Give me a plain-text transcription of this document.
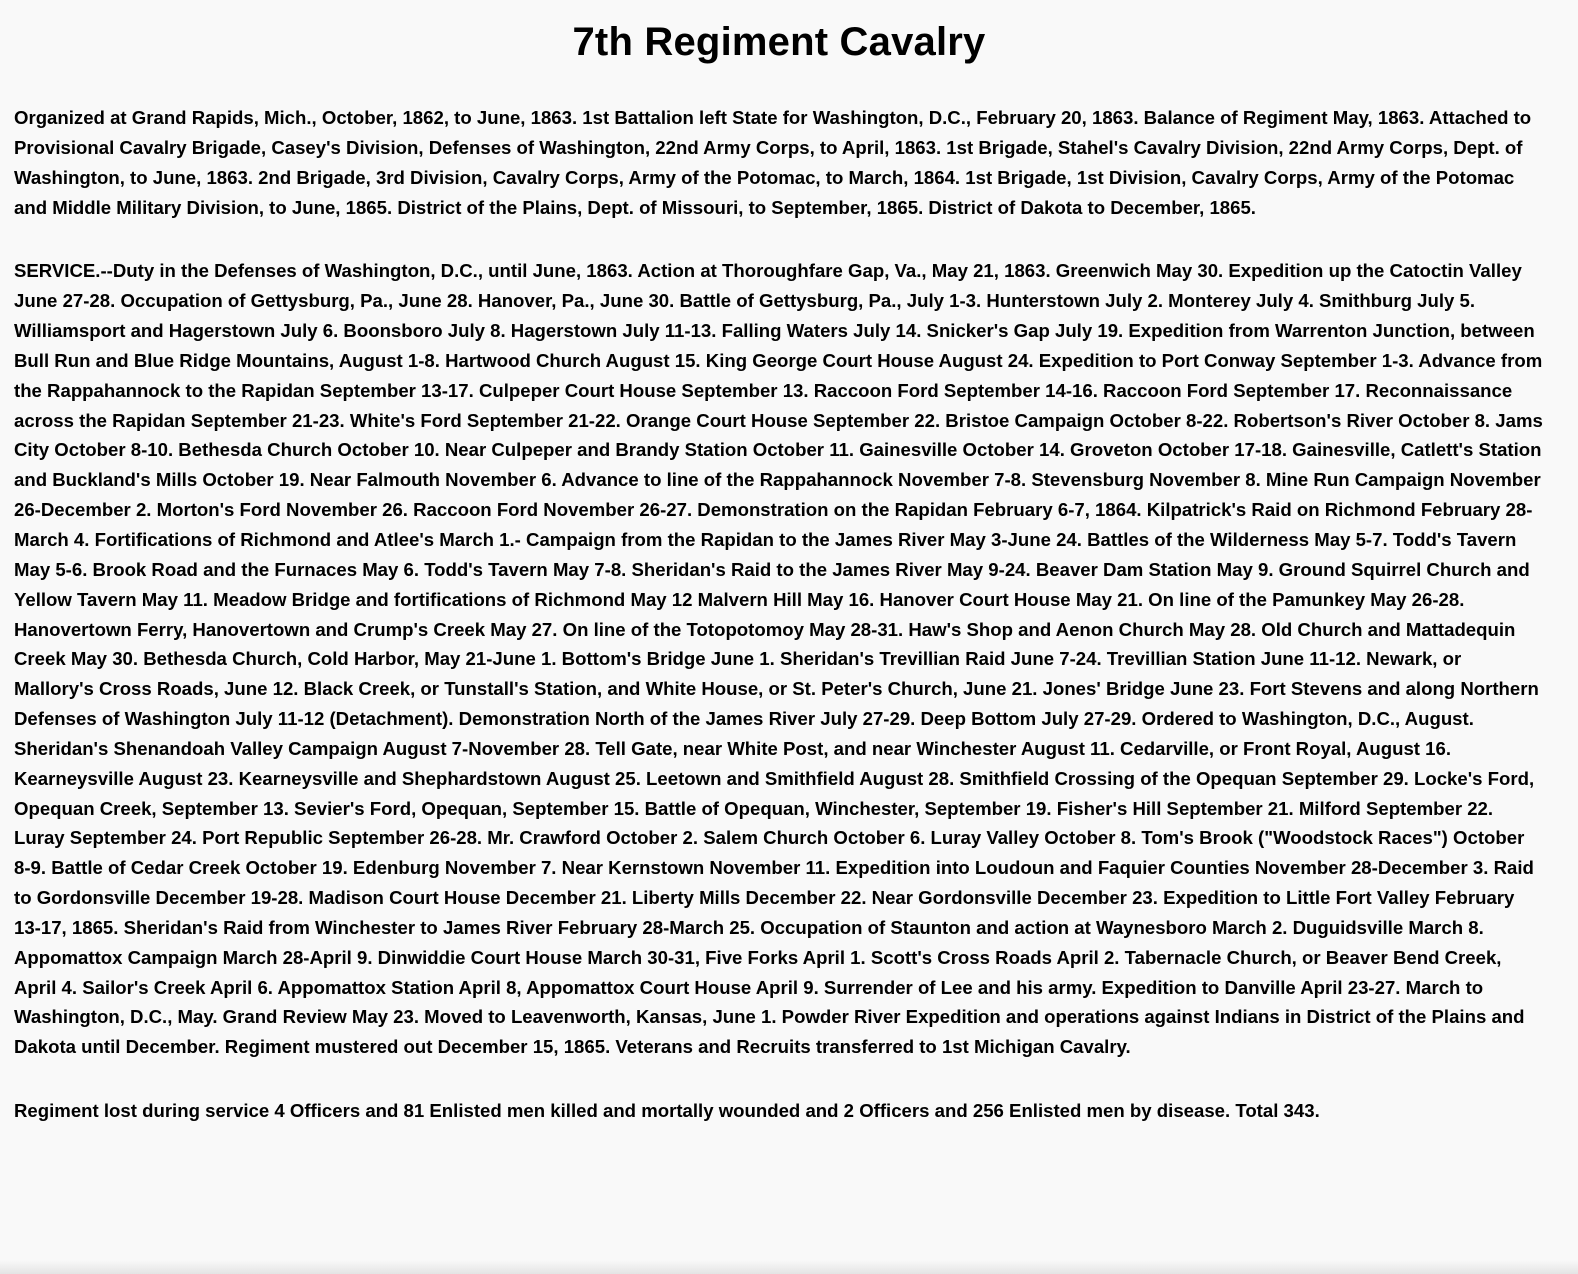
7th Regiment Cavalry

Organized at Grand Rapids, Mich., October, 1862, to June, 1863. 1st Battalion left State for Washington, D.C., February 20, 1863. Balance of Regiment May, 1863. Attached to Provisional Cavalry Brigade, Casey's Division, Defenses of Washington, 22nd Army Corps, to April, 1863. 1st Brigade, Stahel's Cavalry Division, 22nd Army Corps, Dept. of Washington, to June, 1863. 2nd Brigade, 3rd Division, Cavalry Corps, Army of the Potomac, to March, 1864. 1st Brigade, 1st Division, Cavalry Corps, Army of the Potomac and Middle Military Division, to June, 1865. District of the Plains, Dept. of Missouri, to September, 1865. District of Dakota to December, 1865.

SERVICE.--Duty in the Defenses of Washington, D.C., until June, 1863. Action at Thoroughfare Gap, Va., May 21, 1863. Greenwich May 30. Expedition up the Catoctin Valley June 27-28. Occupation of Gettysburg, Pa., June 28. Hanover, Pa., June 30. Battle of Gettysburg, Pa., July 1-3. Hunterstown July 2. Monterey July 4. Smithburg July 5. Williamsport and Hagerstown July 6. Boonsboro July 8. Hagerstown July 11-13. Falling Waters July 14. Snicker's Gap July 19. Expedition from Warrenton Junction, between Bull Run and Blue Ridge Mountains, August 1-8. Hartwood Church August 15. King George Court House August 24. Expedition to Port Conway September 1-3. Advance from the Rappahannock to the Rapidan September 13-17. Culpeper Court House September 13. Raccoon Ford September 14-16. Raccoon Ford September 17. Reconnaissance across the Rapidan September 21-23. White's Ford September 21-22. Orange Court House September 22. Bristoe Campaign October 8-22. Robertson's River October 8. Jams City October 8-10. Bethesda Church October 10. Near Culpeper and Brandy Station October 11. Gainesville October 14. Groveton October 17-18. Gainesville, Catlett's Station and Buckland's Mills October 19. Near Falmouth November 6. Advance to line of the Rappahannock November 7-8. Stevensburg November 8. Mine Run Campaign November 26-December 2. Morton's Ford November 26. Raccoon Ford November 26-27. Demonstration on the Rapidan February 6-7, 1864. Kilpatrick's Raid on Richmond February 28-March 4. Fortifications of Richmond and Atlee's March 1.- Campaign from the Rapidan to the James River May 3-June 24. Battles of the Wilderness May 5-7. Todd's Tavern May 5-6. Brook Road and the Furnaces May 6. Todd's Tavern May 7-8. Sheridan's Raid to the James River May 9-24. Beaver Dam Station May 9. Ground Squirrel Church and Yellow Tavern May 11. Meadow Bridge and fortifications of Richmond May 12 Malvern Hill May 16. Hanover Court House May 21. On line of the Pamunkey May 26-28. Hanovertown Ferry, Hanovertown and Crump's Creek May 27. On line of the Totopotomoy May 28-31. Haw's Shop and Aenon Church May 28. Old Church and Mattadequin Creek May 30. Bethesda Church, Cold Harbor, May 21-June 1. Bottom's Bridge June 1. Sheridan's Trevillian Raid June 7-24. Trevillian Station June 11-12. Newark, or Mallory's Cross Roads, June 12. Black Creek, or Tunstall's Station, and White House, or St. Peter's Church, June 21. Jones' Bridge June 23. Fort Stevens and along Northern Defenses of Washington July 11-12 (Detachment). Demonstration North of the James River July 27-29. Deep Bottom July 27-29. Ordered to Washington, D.C., August. Sheridan's Shenandoah Valley Campaign August 7-November 28. Tell Gate, near White Post, and near Winchester August 11. Cedarville, or Front Royal, August 16. Kearneysville August 23. Kearneysville and Shephardstown August 25. Leetown and Smithfield August 28. Smithfield Crossing of the Opequan September 29. Locke's Ford, Opequan Creek, September 13. Sevier's Ford, Opequan, September 15. Battle of Opequan, Winchester, September 19. Fisher's Hill September 21. Milford September 22. Luray September 24. Port Republic September 26-28. Mr. Crawford October 2. Salem Church October 6. Luray Valley October 8. Tom's Brook ("Woodstock Races") October 8-9. Battle of Cedar Creek October 19. Edenburg November 7. Near Kernstown November 11. Expedition into Loudoun and Faquier Counties November 28-December 3. Raid to Gordonsville December 19-28. Madison Court House December 21. Liberty Mills December 22. Near Gordonsville December 23. Expedition to Little Fort Valley February 13-17, 1865. Sheridan's Raid from Winchester to James River February 28-March 25. Occupation of Staunton and action at Waynesboro March 2. Duguidsville March 8. Appomattox Campaign March 28-April 9. Dinwiddie Court House March 30-31, Five Forks April 1. Scott's Cross Roads April 2. Tabernacle Church, or Beaver Bend Creek, April 4. Sailor's Creek April 6. Appomattox Station April 8, Appomattox Court House April 9. Surrender of Lee and his army. Expedition to Danville April 23-27. March to Washington, D.C., May. Grand Review May 23. Moved to Leavenworth, Kansas, June 1. Powder River Expedition and operations against Indians in District of the Plains and Dakota until December. Regiment mustered out December 15, 1865. Veterans and Recruits transferred to 1st Michigan Cavalry.

Regiment lost during service 4 Officers and 81 Enlisted men killed and mortally wounded and 2 Officers and 256 Enlisted men by disease. Total 343.
